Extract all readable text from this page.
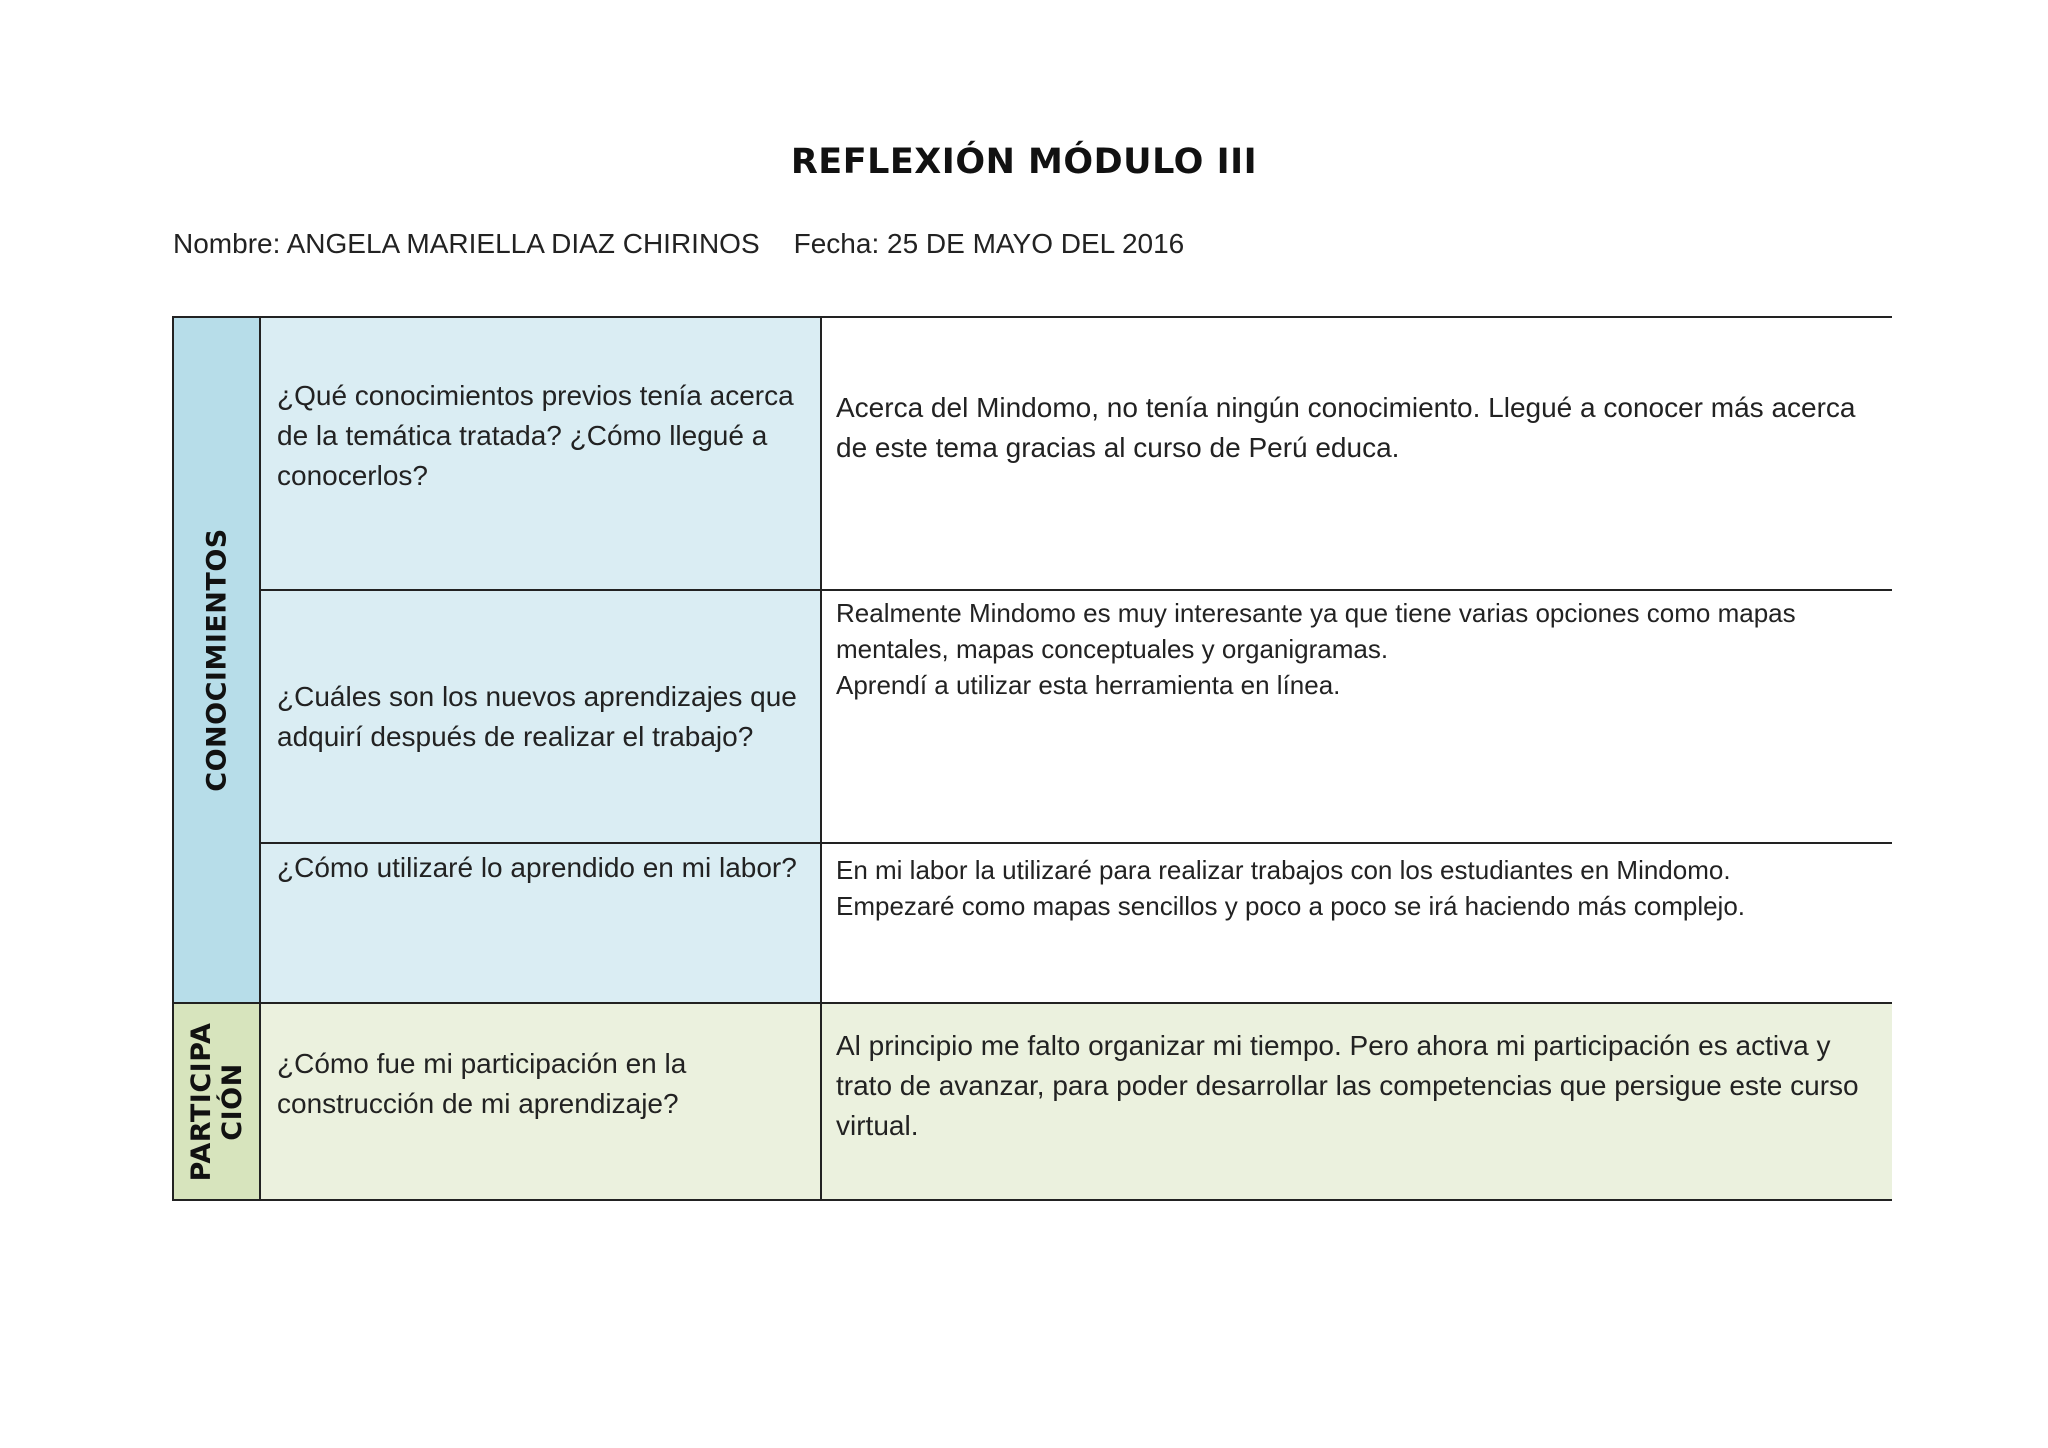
REFLEXIÓN MÓDULO III
Nombre: ANGELA MARIELLA DIAZ CHIRINOS Fecha: 25 DE MAYO DEL 2016
CONOCIMIENTOS
¿Qué conocimientos previos tenía acerca de la temática tratada? ¿Cómo llegué a conocerlos?
Acerca del Mindomo, no tenía ningún conocimiento. Llegué a conocer más acerca de este tema gracias al curso de Perú educa.
¿Cuáles son los nuevos aprendizajes que adquirí después de realizar el trabajo?
Realmente Mindomo es muy interesante ya que tiene varias opciones como mapas mentales, mapas conceptuales y organigramas.
Aprendí a utilizar esta herramienta en línea.
¿Cómo utilizaré lo aprendido en mi labor? En mi labor la utilizaré para realizar trabajos con los estudiantes en Mindomo.
Empezaré como mapas sencillos y poco a poco se irá haciendo más complejo.
PARTICIPA CIÓN ¿Cómo fue mi participación en la construcción de mi aprendizaje?
Al principio me falto organizar mi tiempo. Pero ahora mi participación es activa y trato de avanzar, para poder desarrollar las competencias que persigue este curso virtual.
